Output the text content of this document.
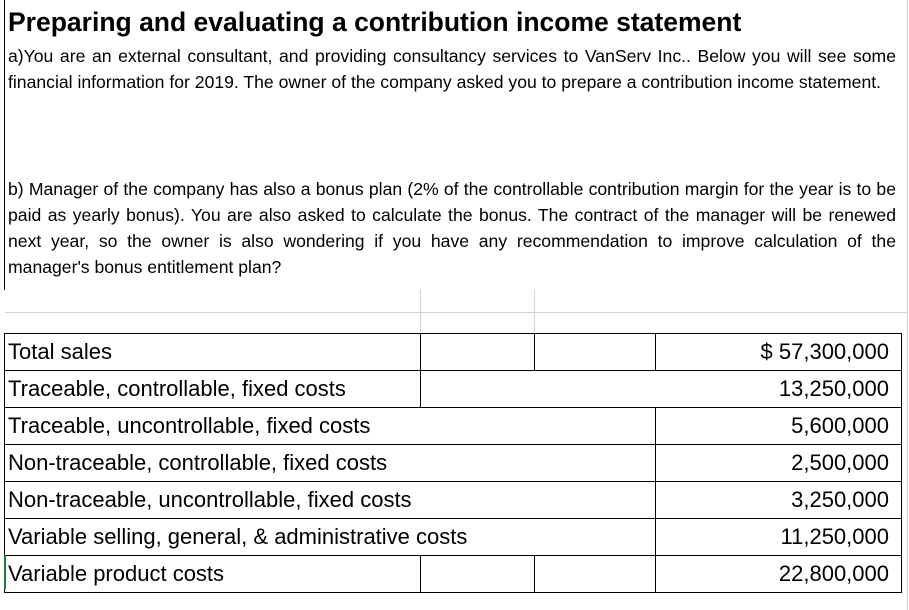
Preparing and evaluating a contribution income statement

a)You are an external consultant, and providing consultancy services to VanServ Inc.. Below you will see some financial information for 2019. The owner of the company asked you to prepare a contribution income statement.

b) Manager of the company has also a bonus plan (2% of the controllable contribution margin for the year is to be paid as yearly bonus). You are also asked to calculate the bonus. The contract of the manager will be renewed next year, so the owner is also wondering if you have any recommendation to improve calculation of the manager's bonus entitlement plan?

Total sales			$ 57,300,000
Traceable, controllable, fixed costs			13,250,000
Traceable, uncontrollable, fixed costs			5,600,000
Non-traceable, controllable, fixed costs			2,500,000
Non-traceable, uncontrollable, fixed costs			3,250,000
Variable selling, general, & administrative costs			11,250,000
Variable product costs			22,800,000
